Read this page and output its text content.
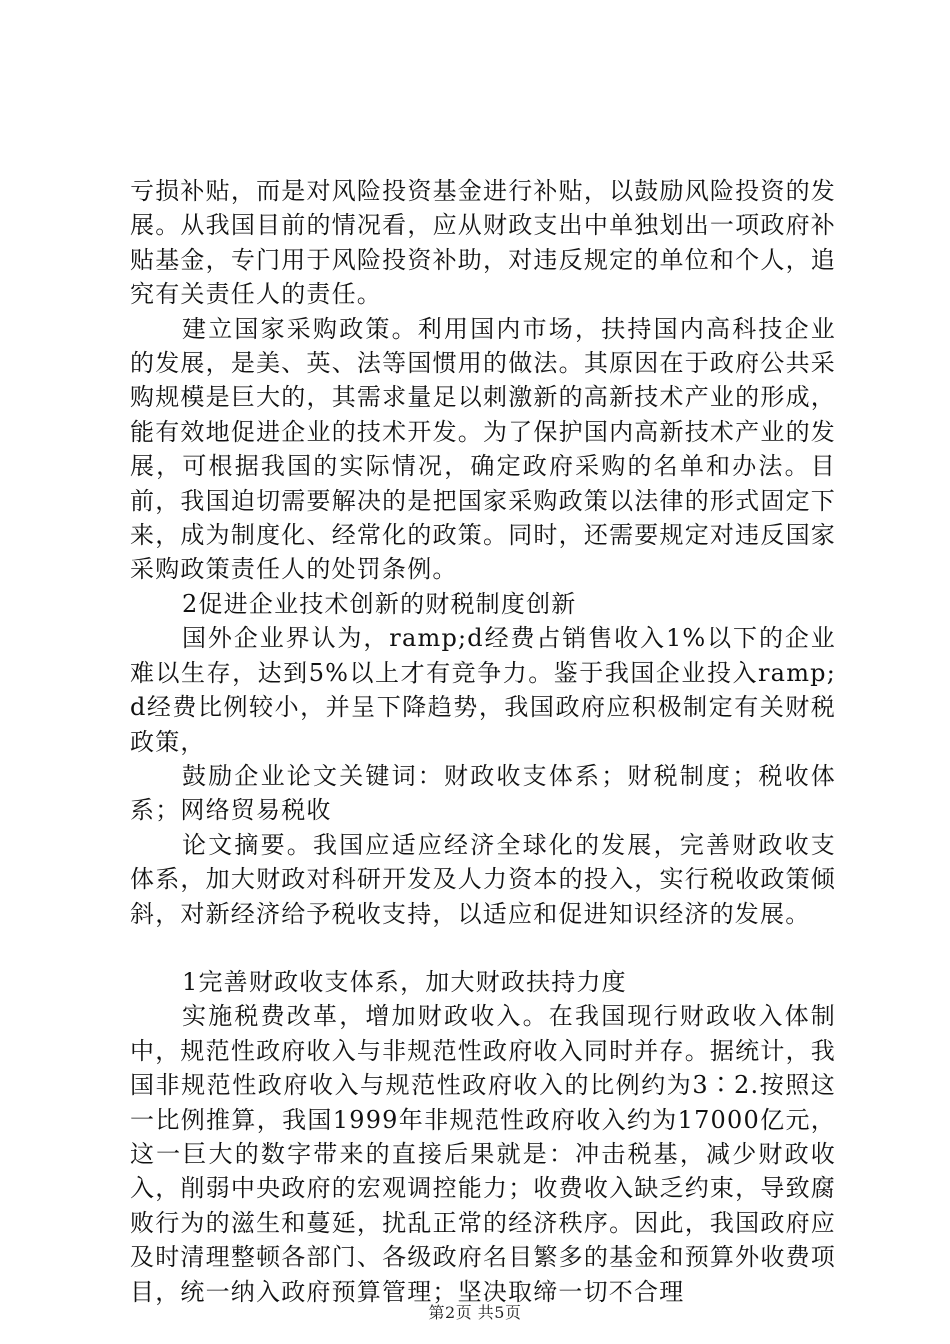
亏损补贴，而是对风险投资基金进行补贴，以鼓励风险投资的发展。从我国目前的情况看，应从财政支出中单独划出一项政府补贴基金，专门用于风险投资补助，对违反规定的单位和个人，追究有关责任人的责任。

建立国家采购政策。利用国内市场，扶持国内高科技企业的发展，是美、英、法等国惯用的做法。其原因在于政府公共采购规模是巨大的，其需求量足以刺激新的高新技术产业的形成，能有效地促进企业的技术开发。为了保护国内高新技术产业的发展，可根据我国的实际情况，确定政府采购的名单和办法。目前，我国迫切需要解决的是把国家采购政策以法律的形式固定下来，成为制度化、经常化的政策。同时，还需要规定对违反国家采购政策责任人的处罚条例。

2促进企业技术创新的财税制度创新

国外企业界认为，ramp;d经费占销售收入1%以下的企业难以生存，达到5%以上才有竞争力。鉴于我国企业投入ramp;d经费比例较小，并呈下降趋势，我国政府应积极制定有关财税政策，

鼓励企业论文关键词：财政收支体系；财税制度；税收体系；网络贸易税收

论文摘要。我国应适应经济全球化的发展，完善财政收支体系，加大财政对科研开发及人力资本的投入，实行税收政策倾斜，对新经济给予税收支持，以适应和促进知识经济的发展。

1完善财政收支体系，加大财政扶持力度

实施税费改革，增加财政收入。在我国现行财政收入体制中，规范性政府收入与非规范性政府收入同时并存。据统计，我国非规范性政府收入与规范性政府收入的比例约为3∶2.按照这一比例推算，我国1999年非规范性政府收入约为17000亿元，这一巨大的数字带来的直接后果就是：冲击税基，减少财政收入，削弱中央政府的宏观调控能力；收费收入缺乏约束，导致腐败行为的滋生和蔓延，扰乱正常的经济秩序。因此，我国政府应及时清理整顿各部门、各级政府名目繁多的基金和预算外收费项目，统一纳入政府预算管理；坚决取缔一切不合理

第2页 共5页
